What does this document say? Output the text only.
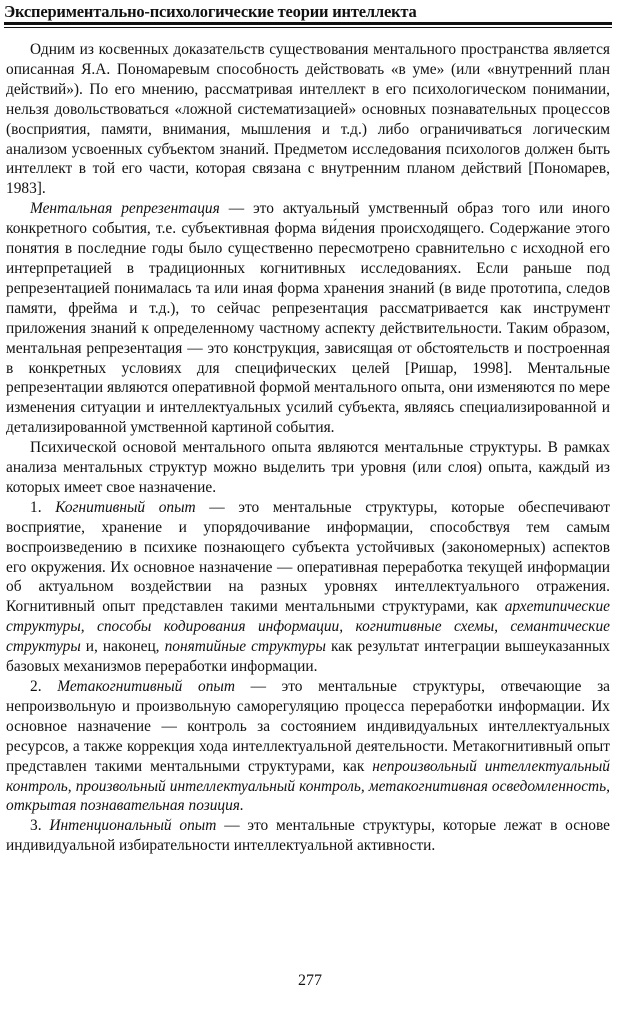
Экспериментально-психологические теории интеллекта

Одним из косвенных доказательств существования ментального пространства является описанная Я.А. Пономаревым способность действовать «в уме» (или «внутренний план действий»). По его мнению, рассматривая интеллект в его психологическом понимании, нельзя довольствоваться «ложной систематизацией» основных познавательных процессов (восприятия, памяти, внимания, мышления и т.д.) либо ограничиваться логическим анализом усвоенных субъектом знаний. Предметом исследования психологов должен быть интеллект в той его части, которая связана с внутренним планом действий [Пономарев, 1983].

Ментальная репрезентация — это актуальный умственный образ того или иного конкретного события, т.е. субъективная форма ви́дения происходящего. Содержание этого понятия в последние годы было существенно пересмотрено сравнительно с исходной его интерпретацией в традиционных когнитивных исследованиях. Если раньше под репрезентацией понималась та или иная форма хранения знаний (в виде прототипа, следов памяти, фрейма и т.д.), то сейчас репрезентация рассматривается как инструмент приложения знаний к определенному частному аспекту действительности. Таким образом, ментальная репрезентация — это конструкция, зависящая от обстоятельств и построенная в конкретных условиях для специфических целей [Ришар, 1998]. Ментальные репрезентации являются оперативной формой ментального опыта, они изменяются по мере изменения ситуации и интеллектуальных усилий субъекта, являясь специализированной и детализированной умственной картиной события.

Психической основой ментального опыта являются ментальные структуры. В рамках анализа ментальных структур можно выделить три уровня (или слоя) опыта, каждый из которых имеет свое назначение.

1. Когнитивный опыт — это ментальные структуры, которые обеспечивают восприятие, хранение и упорядочивание информации, способствуя тем самым воспроизведению в психике познающего субъекта устойчивых (закономерных) аспектов его окружения. Их основное назначение — оперативная переработка текущей информации об актуальном воздействии на разных уровнях интеллектуального отражения. Когнитивный опыт представлен такими ментальными структурами, как архетипические структуры, способы кодирования информации, когнитивные схемы, семантические структуры и, наконец, понятийные структуры как результат интеграции вышеуказанных базовых механизмов переработки информации.

2. Метакогнитивный опыт — это ментальные структуры, отвечающие за непроизвольную и произвольную саморегуляцию процесса переработки информации. Их основное назначение — контроль за состоянием индивидуальных интеллектуальных ресурсов, а также коррекция хода интеллектуальной деятельности. Метакогнитивный опыт представлен такими ментальными структурами, как непроизвольный интеллектуальный контроль, произвольный интеллектуальный контроль, метакогнитивная осведомленность, открытая познавательная позиция.

3. Интенциональный опыт — это ментальные структуры, которые лежат в основе индивидуальной избирательности интеллектуальной активности.

277
